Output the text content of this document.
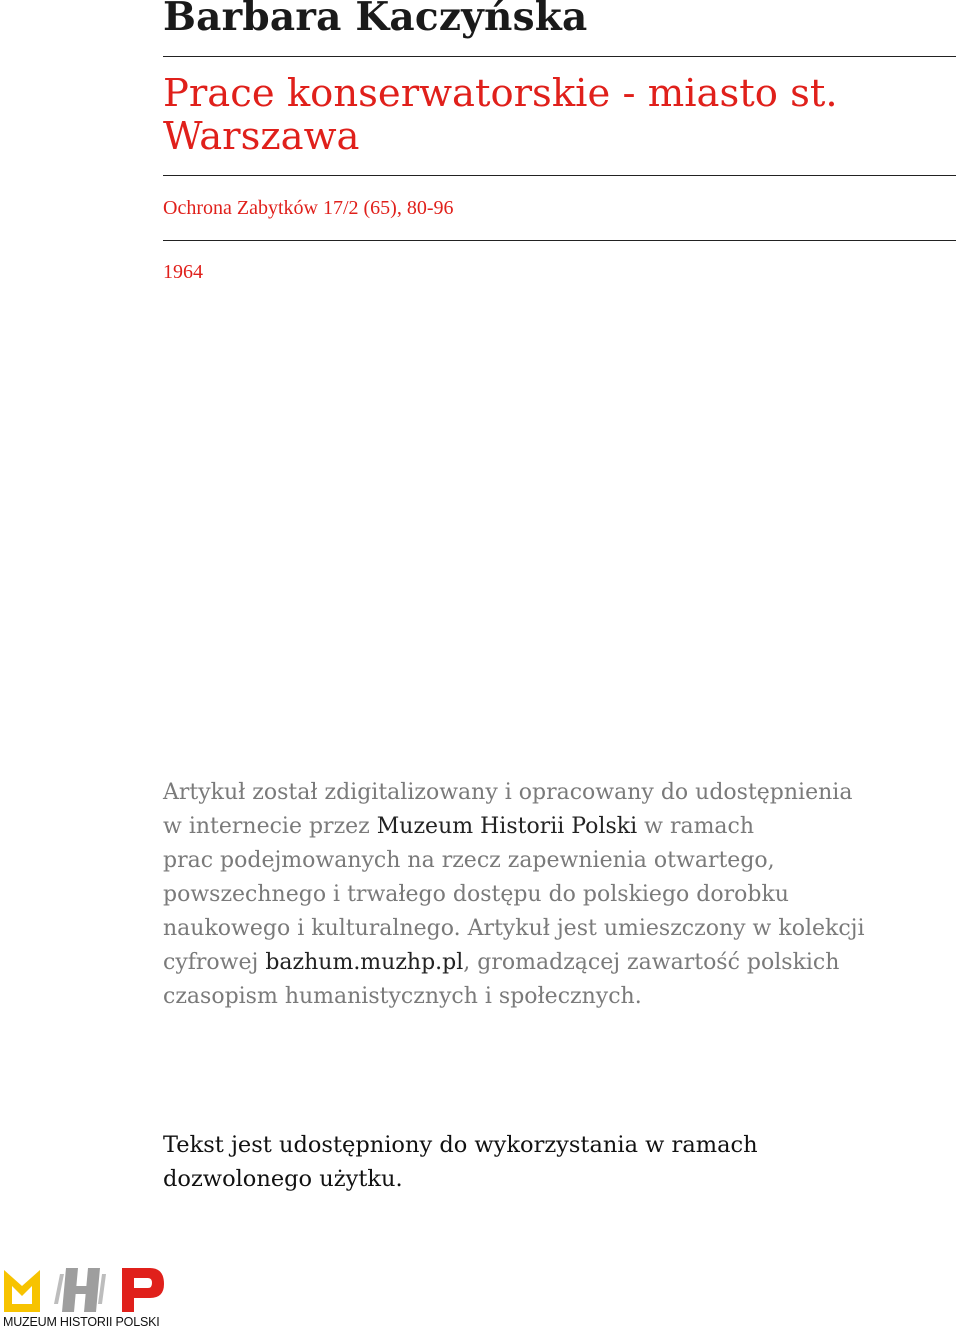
Barbara Kaczyńska
Prace konserwatorskie - miasto st.
Warszawa
Ochrona Zabytków 17/2 (65), 80-96
1964

Artykuł został zdigitalizowany i opracowany do udostępnienia
w internecie przez Muzeum Historii Polski w ramach
prac podejmowanych na rzecz zapewnienia otwartego,
powszechnego i trwałego dostępu do polskiego dorobku
naukowego i kulturalnego. Artykuł jest umieszczony w kolekcji
cyfrowej bazhum.muzhp.pl, gromadzącej zawartość polskich
czasopism humanistycznych i społecznych.

Tekst jest udostępniony do wykorzystania w ramach
dozwolonego użytku.

MUZEUM HISTORII POLSKI
